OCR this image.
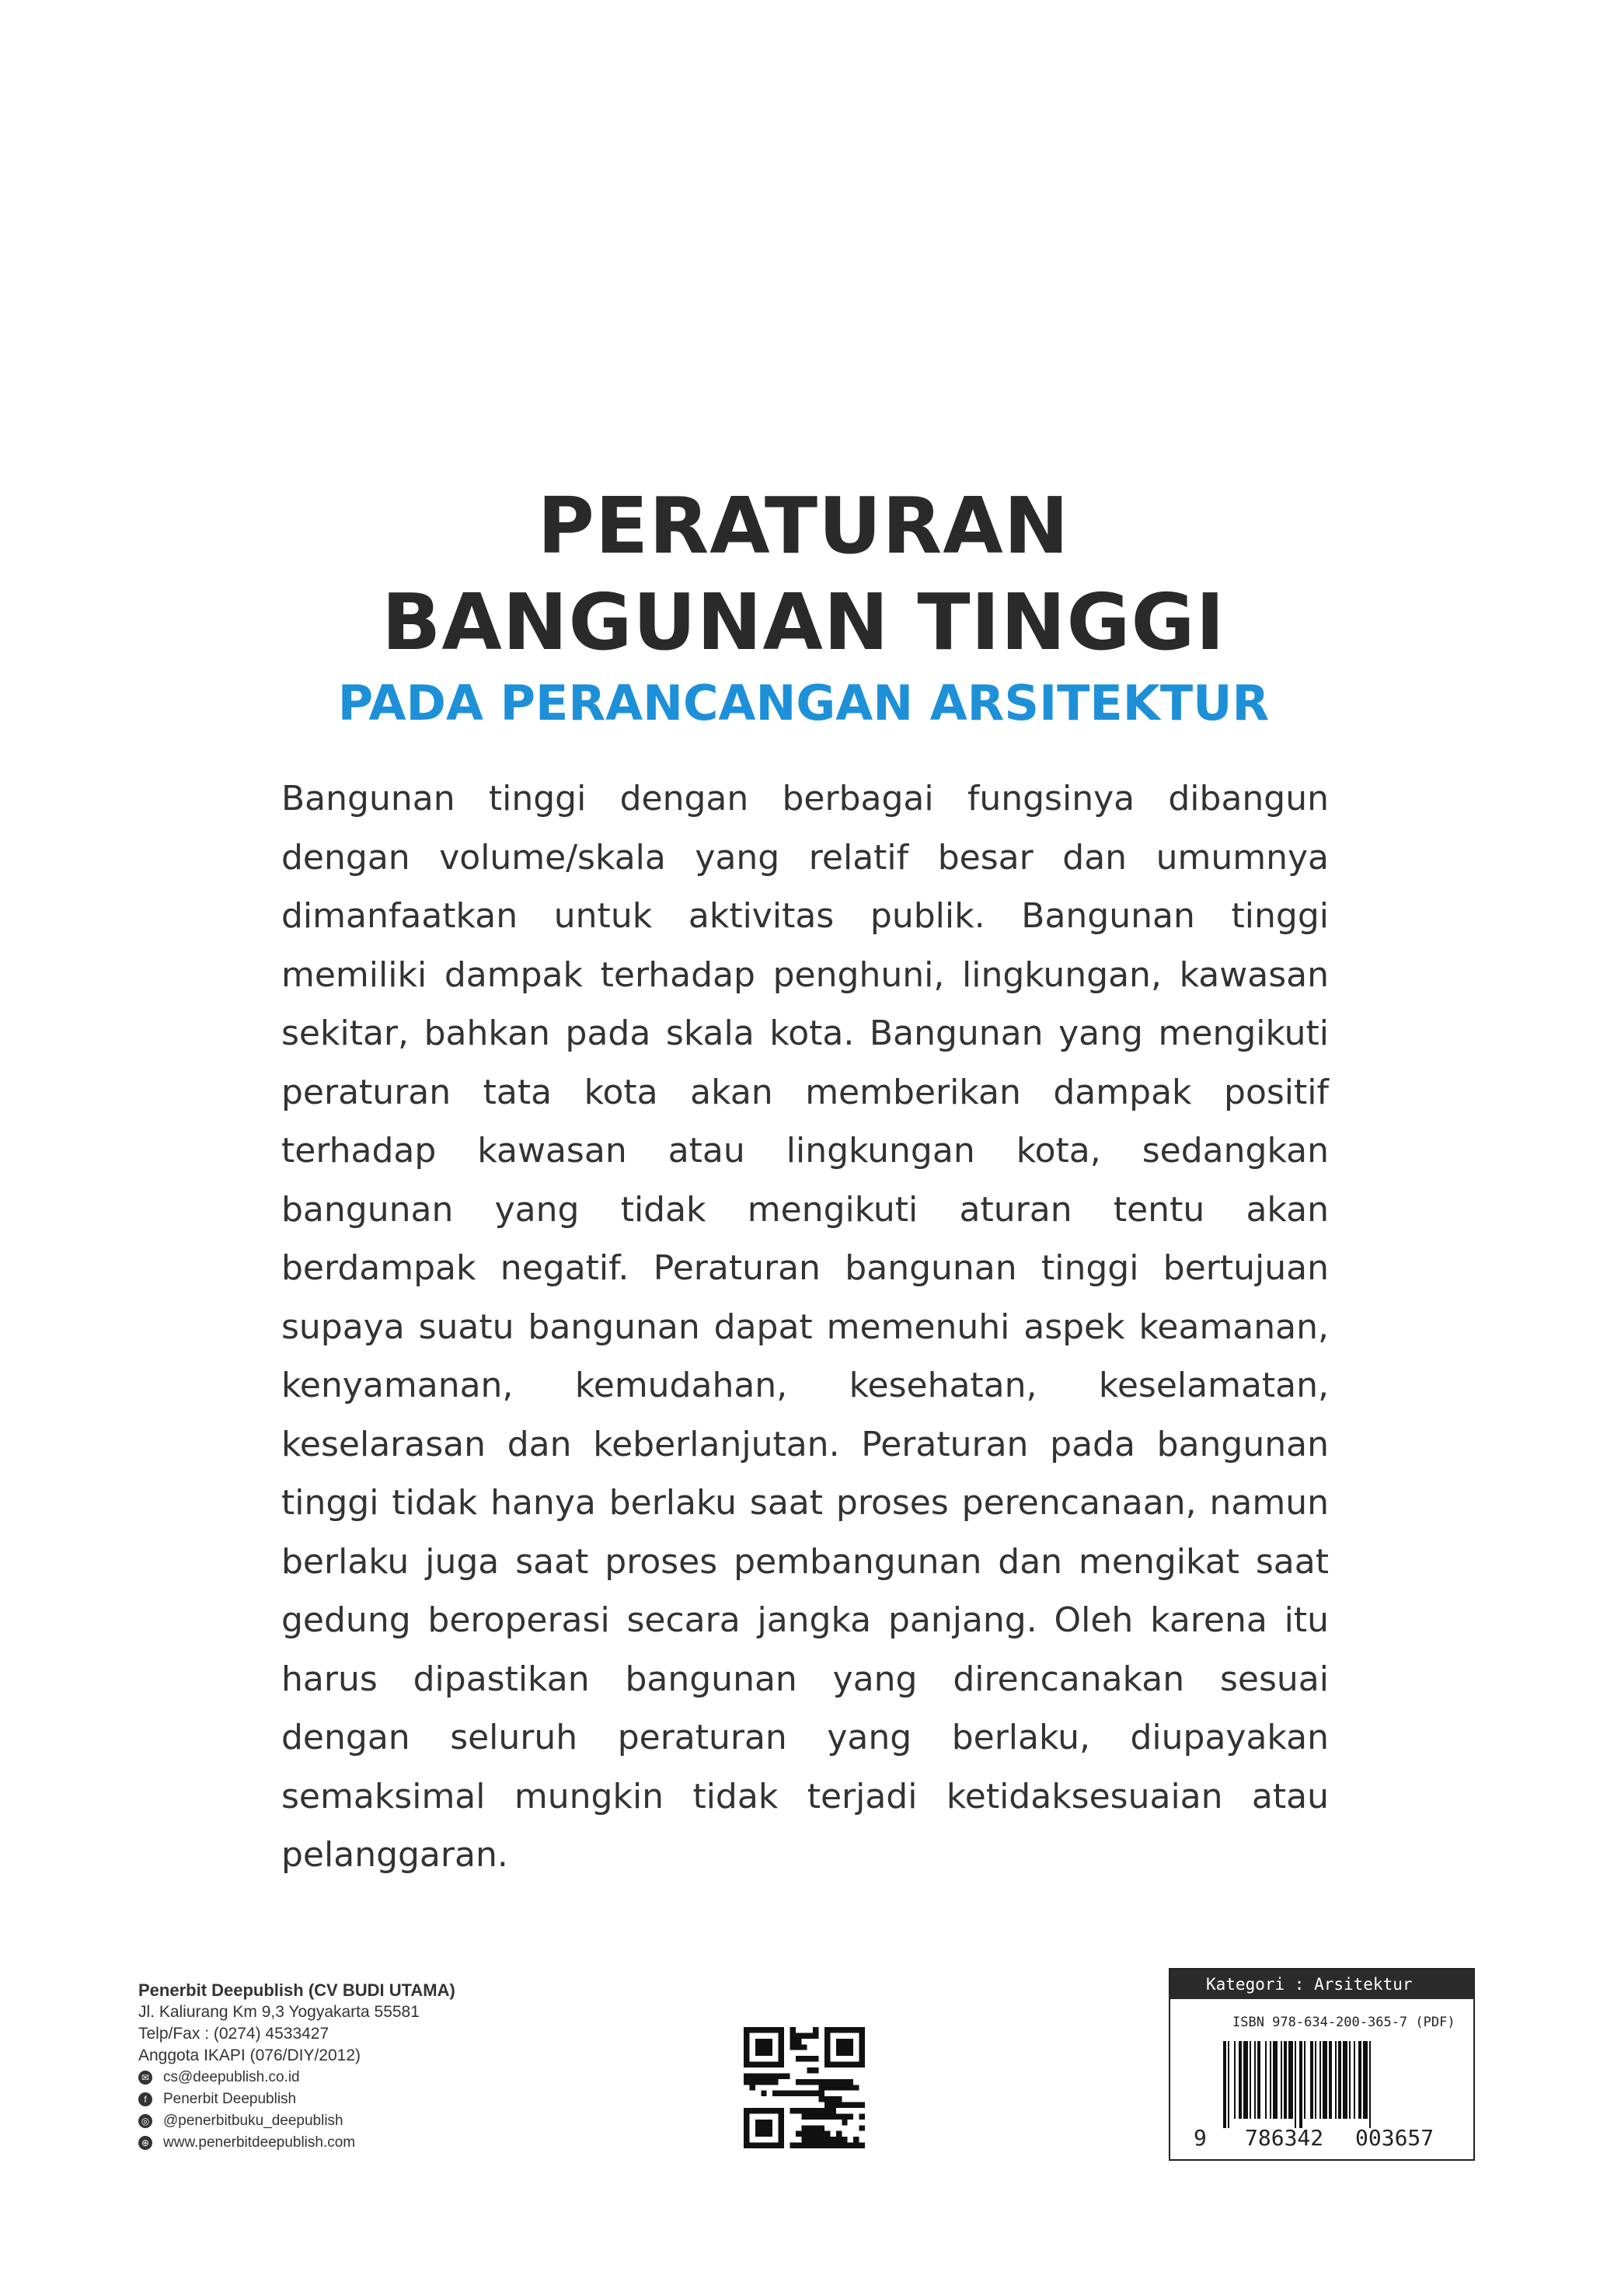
PERATURAN
BANGUNAN TINGGI
PADA PERANCANGAN ARSITEKTUR
Bangunan tinggi dengan berbagai fungsinya dibangun dengan volume/skala yang relatif besar dan umumnya dimanfaatkan untuk aktivitas publik. Bangunan tinggi memiliki dampak terhadap penghuni, lingkungan, kawasan sekitar, bahkan pada skala kota. Bangunan yang mengikuti peraturan tata kota akan memberikan dampak positif terhadap kawasan atau lingkungan kota, sedangkan bangunan yang tidak mengikuti aturan tentu akan berdampak negatif. Peraturan bangunan tinggi bertujuan supaya suatu bangunan dapat memenuhi aspek keamanan, kenyamanan, kemudahan, kesehatan, keselamatan, keselarasan dan keberlanjutan. Peraturan pada bangunan tinggi tidak hanya berlaku saat proses perencanaan, namun berlaku juga saat proses pembangunan dan mengikat saat gedung beroperasi secara jangka panjang. Oleh karena itu harus dipastikan bangunan yang direncanakan sesuai dengan seluruh peraturan yang berlaku, diupayakan semaksimal mungkin tidak terjadi ketidaksesuaian atau pelanggaran.
Penerbit Deepublish (CV BUDI UTAMA)
Jl. Kaliurang Km 9,3 Yogyakarta 55581
Telp/Fax : (0274) 4533427
Anggota IKAPI (076/DIY/2012)
✉ cs@deepublish.co.id
f	Penerbit Deepublish
◎ @penerbitbuku_deepublish
⊕ www.penerbitdeepublish.com
Kategori : Arsitektur
ISBN 978-634-200-365-7 (PDF)
9 786342 003657
